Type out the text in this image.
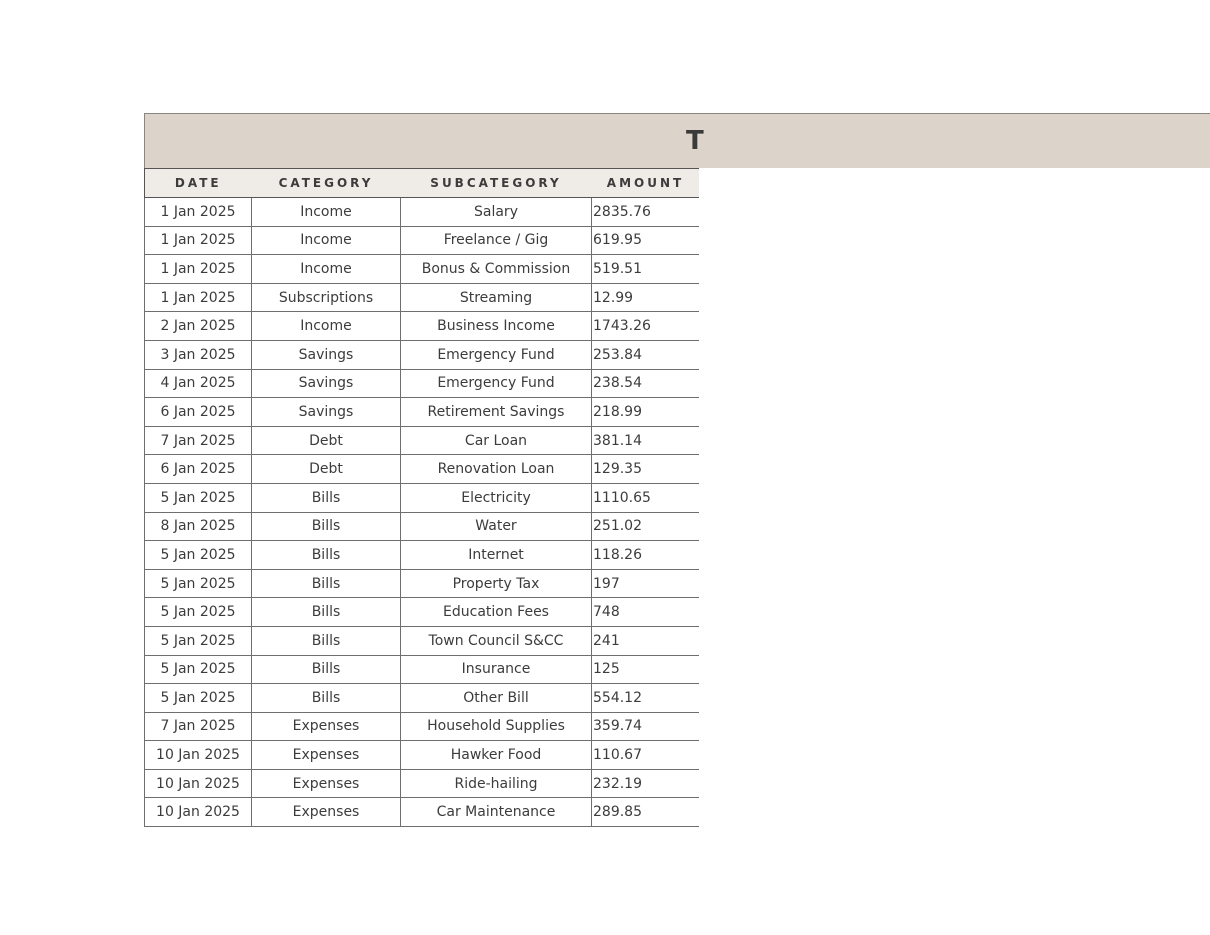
T
DATE	CATEGORY	SUBCATEGORY	AMOUNT
1 Jan 2025	Income	Salary	2835.76
1 Jan 2025	Income	Freelance / Gig	619.95
1 Jan 2025	Income	Bonus & Commission	519.51
1 Jan 2025	Subscriptions	Streaming	12.99
2 Jan 2025	Income	Business Income	1743.26
3 Jan 2025	Savings	Emergency Fund	253.84
4 Jan 2025	Savings	Emergency Fund	238.54
6 Jan 2025	Savings	Retirement Savings	218.99
7 Jan 2025	Debt	Car Loan	381.14
6 Jan 2025	Debt	Renovation Loan	129.35
5 Jan 2025	Bills	Electricity	1110.65
8 Jan 2025	Bills	Water	251.02
5 Jan 2025	Bills	Internet	118.26
5 Jan 2025	Bills	Property Tax	197
5 Jan 2025	Bills	Education Fees	748
5 Jan 2025	Bills	Town Council S&CC	241
5 Jan 2025	Bills	Insurance	125
5 Jan 2025	Bills	Other Bill	554.12
7 Jan 2025	Expenses	Household Supplies	359.74
10 Jan 2025	Expenses	Hawker Food	110.67
10 Jan 2025	Expenses	Ride-hailing	232.19
10 Jan 2025	Expenses	Car Maintenance	289.85
